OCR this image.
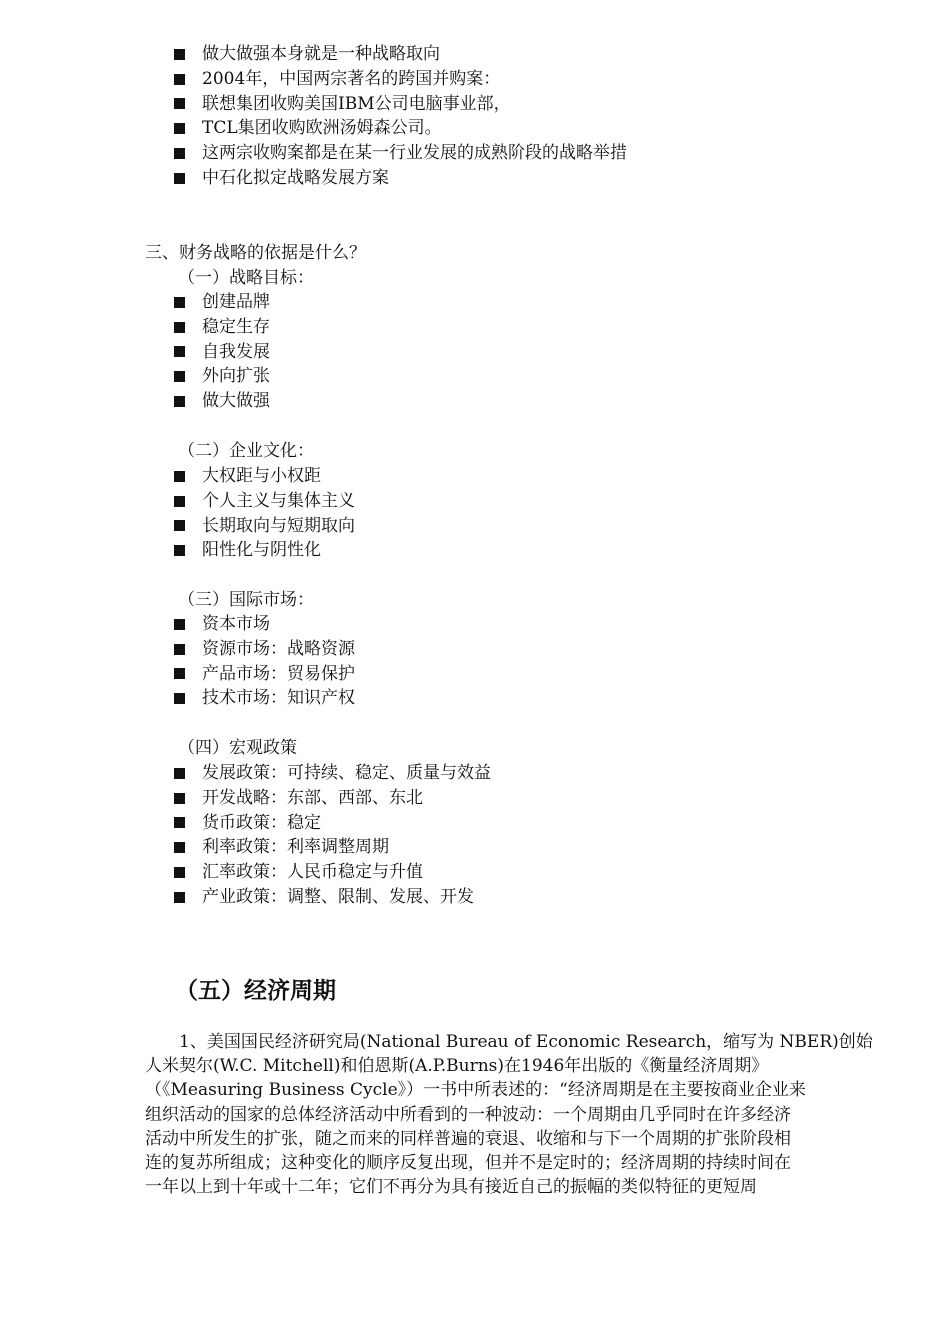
做大做强本身就是一种战略取向
2004年，中国两宗著名的跨国并购案：
联想集团收购美国IBM公司电脑事业部，
TCL集团收购欧洲汤姆森公司。
这两宗收购案都是在某一行业发展的成熟阶段的战略举措
中石化拟定战略发展方案

三、财务战略的依据是什么？

（一）战略目标：

创建品牌
稳定生存
自我发展
外向扩张
做大做强

（二）企业文化：

大权距与小权距
个人主义与集体主义
长期取向与短期取向
阳性化与阴性化

（三）国际市场：

资本市场
资源市场：战略资源
产品市场：贸易保护
技术市场：知识产权

（四）宏观政策

发展政策：可持续、稳定、质量与效益
开发战略：东部、西部、东北
货币政策：稳定
利率政策：利率调整周期
汇率政策：人民币稳定与升值
产业政策：调整、限制、发展、开发
（五）经济周期
1、美国国民经济研究局(National Bureau of Economic Research，缩写为 NBER)创始
人米契尔(W.C. Mitchell)和伯恩斯(A.P.Burns)在1946年出版的《衡量经济周期》
（《Measuring Business Cycle》）一书中所表述的：“经济周期是在主要按商业企业来
组织活动的国家的总体经济活动中所看到的一种波动：一个周期由几乎同时在许多经济
活动中所发生的扩张，随之而来的同样普遍的衰退、收缩和与下一个周期的扩张阶段相
连的复苏所组成；这种变化的顺序反复出现，但并不是定时的；经济周期的持续时间在
一年以上到十年或十二年；它们不再分为具有接近自己的振幅的类似特征的更短周
